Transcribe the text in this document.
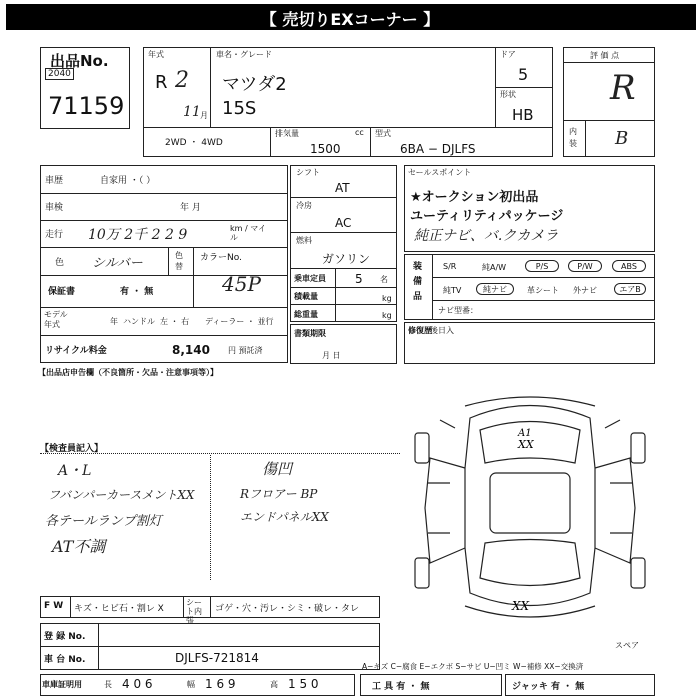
【 売切りEXコーナー 】
出品No.
2040
71159
年式
R 2
11 月
車名・グレード
マツダ2
15S
ドア
5
形状
HB
2WD ・ 4WD
排気量	cc
1500
型式
6BA − DJLFS
評 価 点
R
内装 B
車歴	自家用 ・（ ）
車検	年 月
走行 10万 2千 2 2 9	km / マイル
色 シルバー
色替
カラーNo.
45P
保証書	有 ・ 無
モデル年式	年 ハンドル 左 ・ 右 ディーラー ・ 並行
リサイクル料金	8,140 円 預託済
【出品店申告欄（不良箇所・欠品・注意事項等）】
シフト
AT
冷房
AC
燃料
ガソリン
乗車定員 5 名
積載量	kg
総重量	kg
書類期限
月 日
セールスポイント
★オークション初出品
ユーティリティパッケージ
純正ナビ、バ.クカメラ
装備品
S/R	純A/W	P/S	P/W	ABS
純TV	純ナビ	革シート 外ナビ	エアB
ナビ型番：
修復歴
後日入
【検査員記入】
A・L
フバンパーカースメントXX
各テールランプ割灯
AT不調
傷凹
Rフロアー BP
エンドパネルXX
A1
XX
XX
スペア
F W キズ・ヒビ石・割レ X
シート内張
ゴゲ・穴・汚レ・シミ・破レ・タレ
登 録 No.
車 台 No.	DJLFS-721814
車庫証明用	長 4 0 6	幅 1 6 9	高 1 5 0
A−キズ C−腐食 E−エクボ S−サビ U−凹ミ W−補修 XX−交換済
工 具 有 ・ 無	ジャッキ 有 ・ 無
